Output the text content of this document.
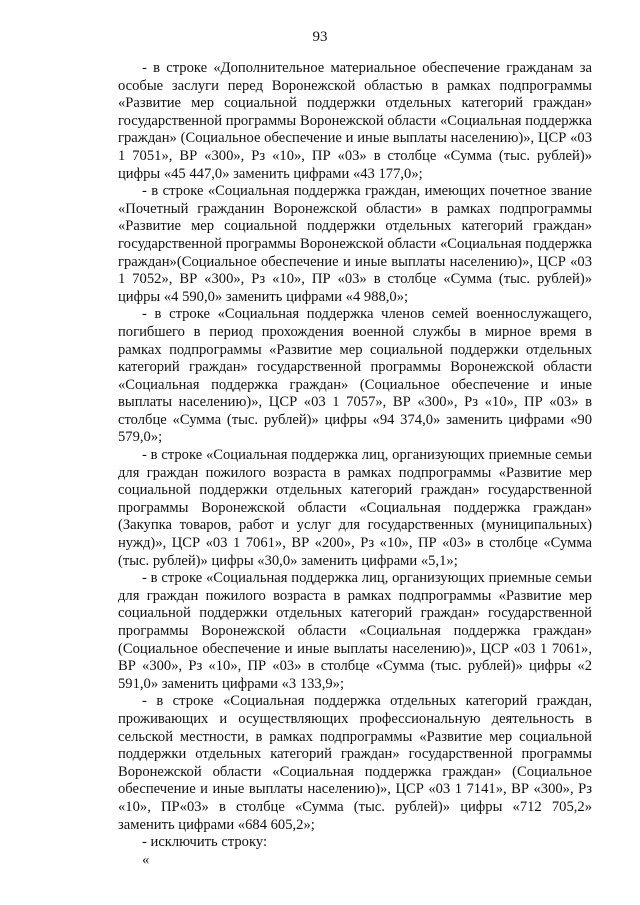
93

- в строке «Дополнительное материальное обеспечение гражданам за особые заслуги перед Воронежской областью в рамках подпрограммы «Развитие мер социальной поддержки отдельных категорий граждан» государственной программы Воронежской области «Социальная поддержка граждан» (Социальное обеспечение и иные выплаты населению)», ЦСР «03 1 7051», ВР «300», Рз «10», ПР «03» в столбце «Сумма (тыс. рублей)» цифры «45 447,0» заменить цифрами «43 177,0»;

- в строке «Социальная поддержка граждан, имеющих почетное звание «Почетный гражданин Воронежской области» в рамках подпрограммы «Развитие мер социальной поддержки отдельных категорий граждан» государственной программы Воронежской области «Социальная поддержка граждан»(Социальное обеспечение и иные выплаты населению)», ЦСР «03 1 7052», ВР «300», Рз «10», ПР «03» в столбце «Сумма (тыс. рублей)» цифры «4 590,0» заменить цифрами «4 988,0»;

- в строке «Социальная поддержка членов семей военнослужащего, погибшего в период прохождения военной службы в мирное время в рамках подпрограммы «Развитие мер социальной поддержки отдельных категорий граждан» государственной программы Воронежской области «Социальная поддержка граждан» (Социальное обеспечение и иные выплаты населению)», ЦСР «03 1 7057», ВР «300», Рз «10», ПР «03» в столбце «Сумма (тыс. рублей)» цифры «94 374,0» заменить цифрами «90 579,0»;

- в строке «Социальная поддержка лиц, организующих приемные семьи для граждан пожилого возраста в рамках подпрограммы «Развитие мер социальной поддержки отдельных категорий граждан» государственной программы Воронежской области «Социальная поддержка граждан» (Закупка товаров, работ и услуг для государственных (муниципальных) нужд)», ЦСР «03 1 7061», ВР «200», Рз «10», ПР «03» в столбце «Сумма (тыс. рублей)» цифры «30,0» заменить цифрами «5,1»;

- в строке «Социальная поддержка лиц, организующих приемные семьи для граждан пожилого возраста в рамках подпрограммы «Развитие мер социальной поддержки отдельных категорий граждан» государственной программы Воронежской области «Социальная поддержка граждан» (Социальное обеспечение и иные выплаты населению)», ЦСР «03 1 7061», ВР «300», Рз «10», ПР «03» в столбце «Сумма (тыс. рублей)» цифры «2 591,0» заменить цифрами «3 133,9»;

- в строке «Социальная поддержка отдельных категорий граждан, проживающих и осуществляющих профессиональную деятельность в сельской местности, в рамках подпрограммы «Развитие мер социальной поддержки отдельных категорий граждан» государственной программы Воронежской области «Социальная поддержка граждан» (Социальное обеспечение и иные выплаты населению)», ЦСР «03 1 7141», ВР «300», Рз «10», ПР«03» в столбце «Сумма (тыс. рублей)» цифры «712 705,2» заменить цифрами «684 605,2»;

- исключить строку:

«
